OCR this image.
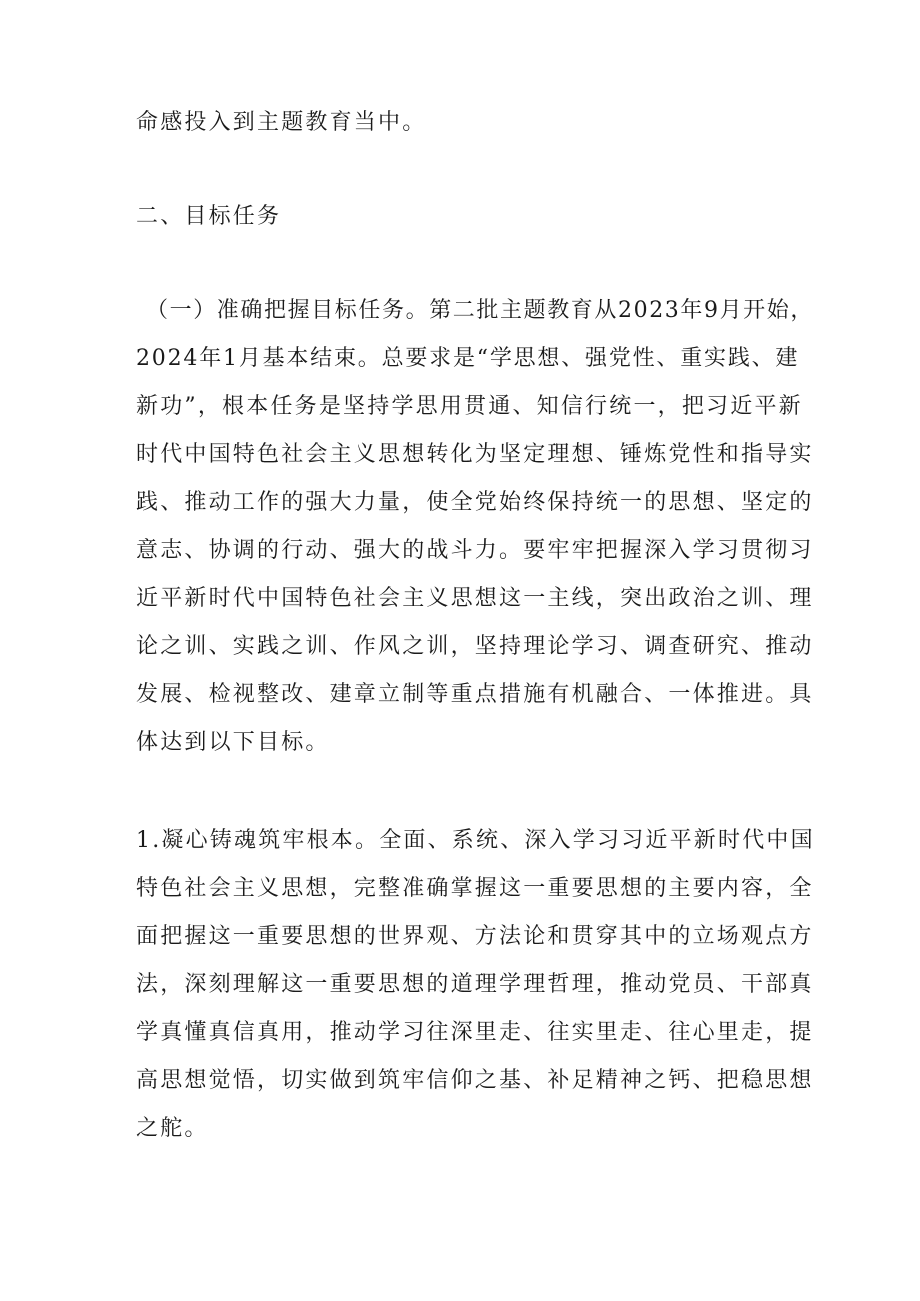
命感投入到主题教育当中。

二、目标任务

（一）准确把握目标任务。第二批主题教育从2023年9月开始，

2024年1月基本结束。总要求是“学思想、强党性、重实践、建

新功”，根本任务是坚持学思用贯通、知信行统一，把习近平新

时代中国特色社会主义思想转化为坚定理想、锤炼党性和指导实

践、推动工作的强大力量，使全党始终保持统一的思想、坚定的

意志、协调的行动、强大的战斗力。要牢牢把握深入学习贯彻习

近平新时代中国特色社会主义思想这一主线，突出政治之训、理

论之训、实践之训、作风之训，坚持理论学习、调查研究、推动

发展、检视整改、建章立制等重点措施有机融合、一体推进。具

体达到以下目标。

1.凝心铸魂筑牢根本。全面、系统、深入学习习近平新时代中国

特色社会主义思想，完整准确掌握这一重要思想的主要内容，全

面把握这一重要思想的世界观、方法论和贯穿其中的立场观点方

法，深刻理解这一重要思想的道理学理哲理，推动党员、干部真

学真懂真信真用，推动学习往深里走、往实里走、往心里走，提

高思想觉悟，切实做到筑牢信仰之基、补足精神之钙、把稳思想

之舵。
